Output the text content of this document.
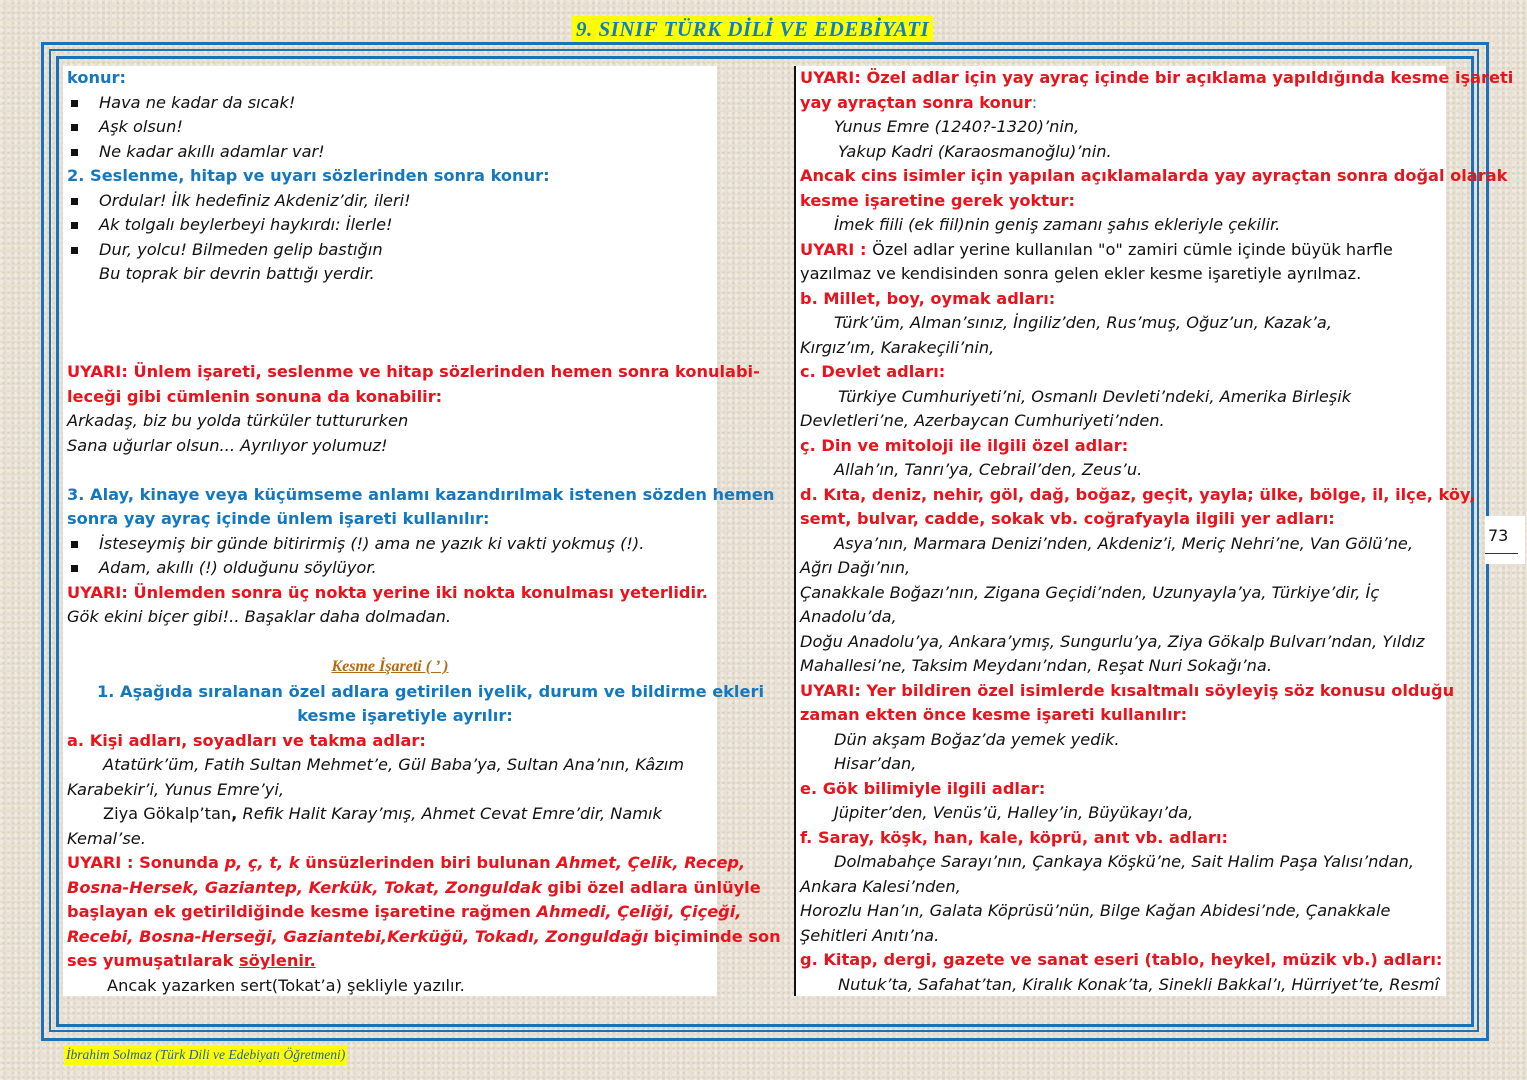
9. SINIF TÜRK DİLİ VE EDEBİYATI

konur:

Hava ne kadar da sıcak!

Aşk olsun!

Ne kadar akıllı adamlar var!

2. Seslenme, hitap ve uyarı sözlerinden sonra konur:

Ordular! İlk hedefiniz Akdeniz’dir, ileri!

Ak tolgalı beylerbeyi haykırdı: İlerle!

Dur, yolcu! Bilmeden gelip bastığın

Bu toprak bir devrin battığı yerdir.

UYARI: Ünlem işareti, seslenme ve hitap sözlerinden hemen sonra konulabi-

leceği gibi cümlenin sonuna da konabilir:

Arkadaş, biz bu yolda türküler tuttururken

Sana uğurlar olsun... Ayrılıyor yolumuz!

3. Alay, kinaye veya küçümseme anlamı kazandırılmak istenen sözden hemen

sonra yay ayraç içinde ünlem işareti kullanılır:

İsteseymiş bir günde bitirirmiş (!) ama ne yazık ki vakti yokmuş (!).

Adam, akıllı (!) olduğunu söylüyor.

UYARI: Ünlemden sonra üç nokta yerine iki nokta konulması yeterlidir.

Gök ekini biçer gibi!.. Başaklar daha dolmadan.

Kesme İşareti ( ’ )

1. Aşağıda sıralanan özel adlara getirilen iyelik, durum ve bildirme ekleri

kesme işaretiyle ayrılır:

a. Kişi adları, soyadları ve takma adlar:

Atatürk’üm, Fatih Sultan Mehmet’e, Gül Baba’ya, Sultan Ana’nın, Kâzım

Karabekir’i, Yunus Emre’yi,

Ziya Gökalp’tan, Refik Halit Karay’mış, Ahmet Cevat Emre’dir, Namık

Kemal’se.

UYARI : Sonunda p, ç, t, k ünsüzlerinden biri bulunan Ahmet, Çelik, Recep,

Bosna-Hersek, Gaziantep, Kerkük, Tokat, Zonguldak gibi özel adlara ünlüyle

başlayan ek getirildiğinde kesme işaretine rağmen Ahmedi, Çeliği, Çiçeği,

Recebi, Bosna-Herseği, Gaziantebi,Kerküğü, Tokadı, Zonguldağı biçiminde son

ses yumuşatılarak söylenir.

Ancak yazarken sert(Tokat’a) şekliyle yazılır.

UYARI: Özel adlar için yay ayraç içinde bir açıklama yapıldığında kesme işareti

yay ayraçtan sonra konur:

Yunus Emre (1240?-1320)’nin,

Yakup Kadri (Karaosmanoğlu)’nin.

Ancak cins isimler için yapılan açıklamalarda yay ayraçtan sonra doğal olarak

kesme işaretine gerek yoktur:

İmek fiili (ek fiil)nin geniş zamanı şahıs ekleriyle çekilir.

UYARI : Özel adlar yerine kullanılan "o" zamiri cümle içinde büyük harfle

yazılmaz ve kendisinden sonra gelen ekler kesme işaretiyle ayrılmaz.

b. Millet, boy, oymak adları:

Türk’üm, Alman’sınız, İngiliz’den, Rus’muş, Oğuz’un, Kazak’a,

Kırgız’ım, Karakeçili’nin,

c. Devlet adları:

Türkiye Cumhuriyeti’ni, Osmanlı Devleti’ndeki, Amerika Birleşik

Devletleri’ne, Azerbaycan Cumhuriyeti’nden.

ç. Din ve mitoloji ile ilgili özel adlar:

Allah’ın, Tanrı’ya, Cebrail’den, Zeus’u.

d. Kıta, deniz, nehir, göl, dağ, boğaz, geçit, yayla; ülke, bölge, il, ilçe, köy,

semt, bulvar, cadde, sokak vb. coğrafyayla ilgili yer adları:

Asya’nın, Marmara Denizi’nden, Akdeniz’i, Meriç Nehri’ne, Van Gölü’ne,

Ağrı Dağı’nın,

Çanakkale Boğazı’nın, Zigana Geçidi’nden, Uzunyayla’ya, Türkiye’dir, İç

Anadolu’da,

Doğu Anadolu’ya, Ankara’ymış, Sungurlu’ya, Ziya Gökalp Bulvarı’ndan, Yıldız

Mahallesi’ne, Taksim Meydanı’ndan, Reşat Nuri Sokağı’na.

UYARI: Yer bildiren özel isimlerde kısaltmalı söyleyiş söz konusu olduğu

zaman ekten önce kesme işareti kullanılır:

Dün akşam Boğaz’da yemek yedik.

Hisar’dan,

e. Gök bilimiyle ilgili adlar:

Jüpiter’den, Venüs’ü, Halley’in, Büyükayı’da,

f. Saray, köşk, han, kale, köprü, anıt vb. adları:

Dolmabahçe Sarayı’nın, Çankaya Köşkü’ne, Sait Halim Paşa Yalısı’ndan,

Ankara Kalesi’nden,

Horozlu Han’ın, Galata Köprüsü’nün, Bilge Kağan Abidesi’nde, Çanakkale

Şehitleri Anıtı’na.

g. Kitap, dergi, gazete ve sanat eseri (tablo, heykel, müzik vb.) adları:

Nutuk’ta, Safahat’tan, Kiralık Konak’ta, Sinekli Bakkal’ı, Hürriyet’te, Resmî

73
İbrahim Solmaz (Türk Dili ve Edebiyatı Öğretmeni)
